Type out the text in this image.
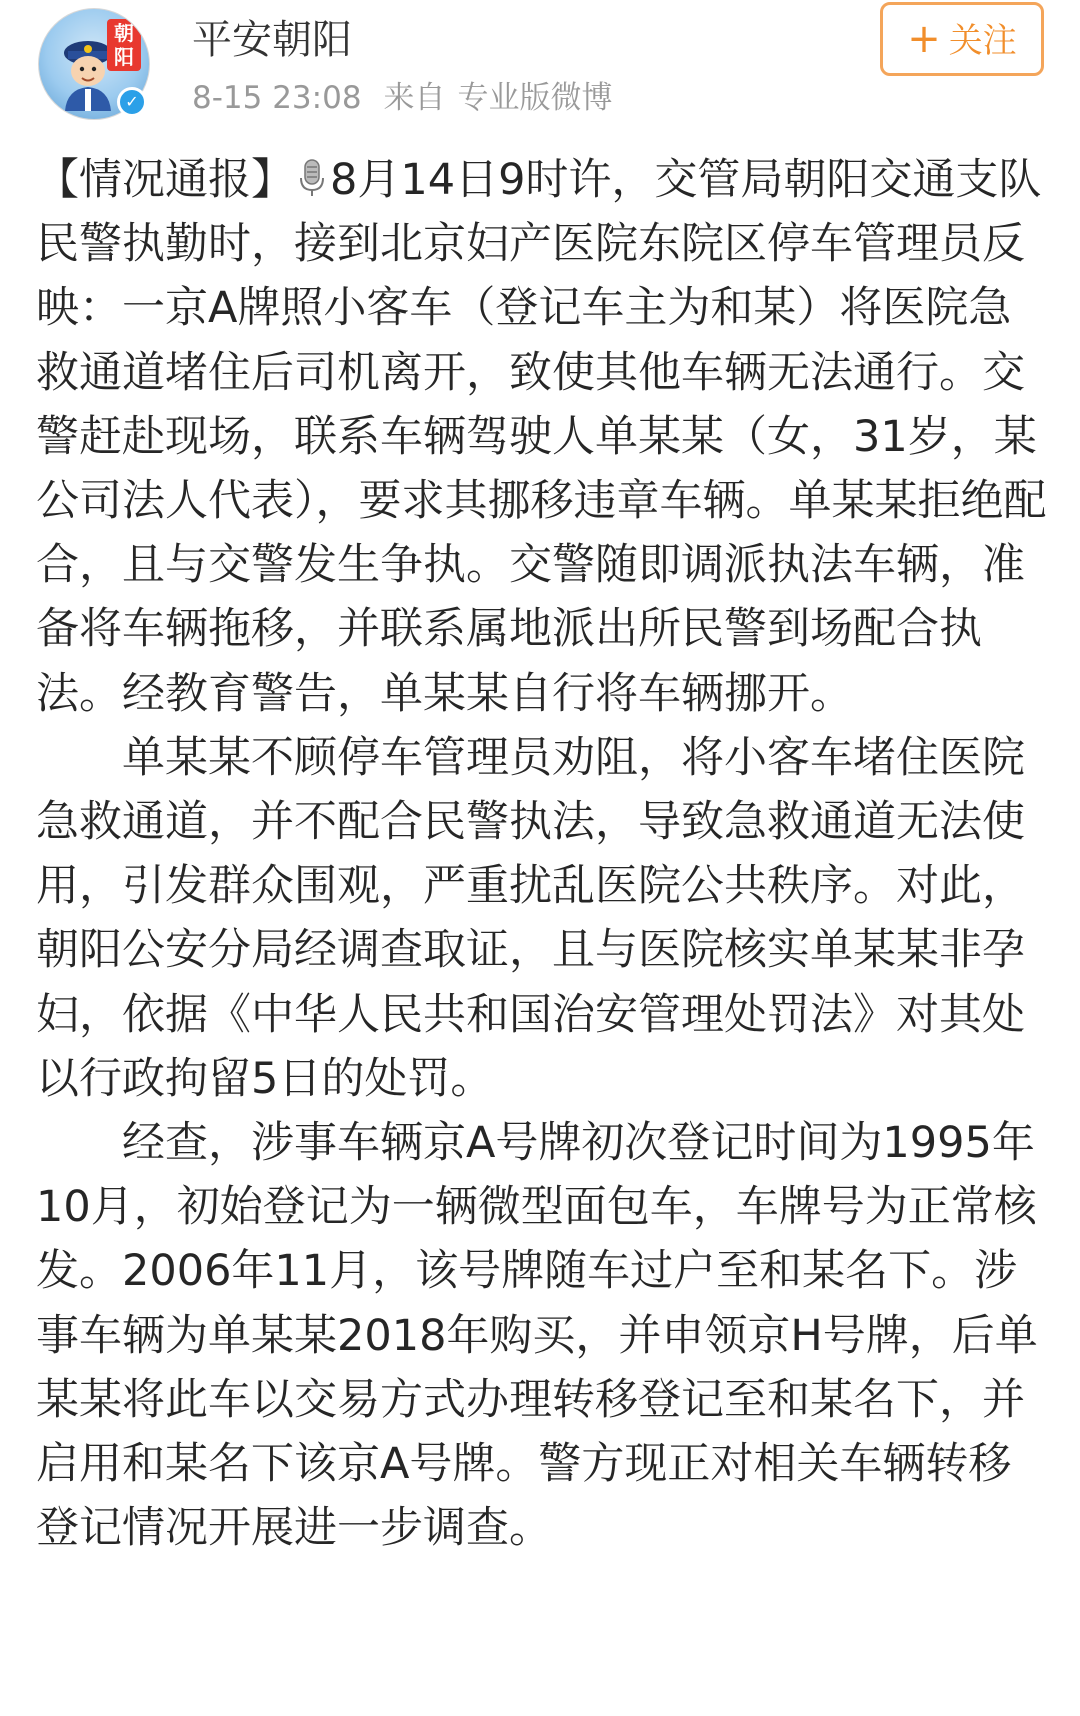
朝阳
✓
平安朝阳
8-15 23:08 来自 专业版微博
+ 关注

【情况通报】 8月14日9时许，交管局朝阳交通支队民警执勤时，接到北京妇产医院东院区停车管理员反映：一京A牌照小客车（登记车主为和某）将医院急救通道堵住后司机离开，致使其他车辆无法通行。交警赶赴现场，联系车辆驾驶人单某某（女，31岁，某公司法人代表），要求其挪移违章车辆。单某某拒绝配合，且与交警发生争执。交警随即调派执法车辆，准备将车辆拖移，并联系属地派出所民警到场配合执法。经教育警告，单某某自行将车辆挪开。

单某某不顾停车管理员劝阻，将小客车堵住医院急救通道，并不配合民警执法，导致急救通道无法使用，引发群众围观，严重扰乱医院公共秩序。对此，朝阳公安分局经调查取证，且与医院核实单某某非孕妇，依据《中华人民共和国治安管理处罚法》对其处以行政拘留5日的处罚。

经查，涉事车辆京A号牌初次登记时间为1995年10月，初始登记为一辆微型面包车，车牌号为正常核发。2006年11月，该号牌随车过户至和某名下。涉事车辆为单某某2018年购买，并申领京H号牌，后单某某将此车以交易方式办理转移登记至和某名下，并启用和某名下该京A号牌。警方现正对相关车辆转移登记情况开展进一步调查。
